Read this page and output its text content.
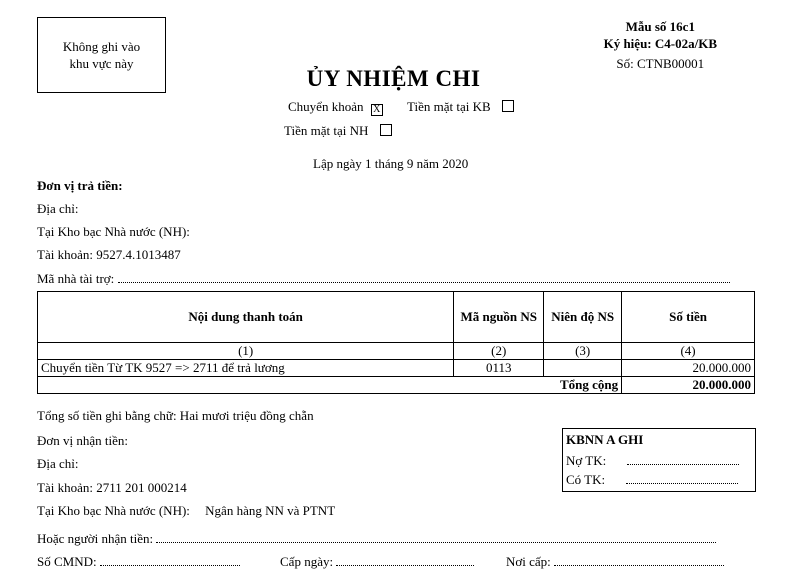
Không ghi vào
khu vực này
Mẫu số 16c1
Ký hiệu: C4-02a/KB
Số: CTNB00001
ỦY NHIỆM CHI
Chuyển khoản X Tiền mặt tại KB
Tiền mặt tại NH
Lập ngày 1 tháng 9 năm 2020
Đơn vị trả tiền:
Địa chỉ:
Tại Kho bạc Nhà nước (NH):
Tài khoản: 9527.4.1013487
Mã nhà tài trợ:
Nội dung thanh toán	Mã nguồn NS	Niên độ NS	Số tiền
(1)	(2)	(3)	(4)
Chuyển tiền Từ TK 9527 => 2711 để trả lương	0113		20.000.000
Tổng cộng			20.000.000
Tổng số tiền ghi bằng chữ: Hai mươi triệu đồng chẵn
Đơn vị nhận tiền:
Địa chỉ:
Tài khoản: 2711 201 000214
Tại Kho bạc Nhà nước (NH): Ngân hàng NN và PTNT
Hoặc người nhận tiền:
Số CMND:	Cấp ngày:	Nơi cấp:
KBNN A GHI
Nợ TK:
Có TK:
